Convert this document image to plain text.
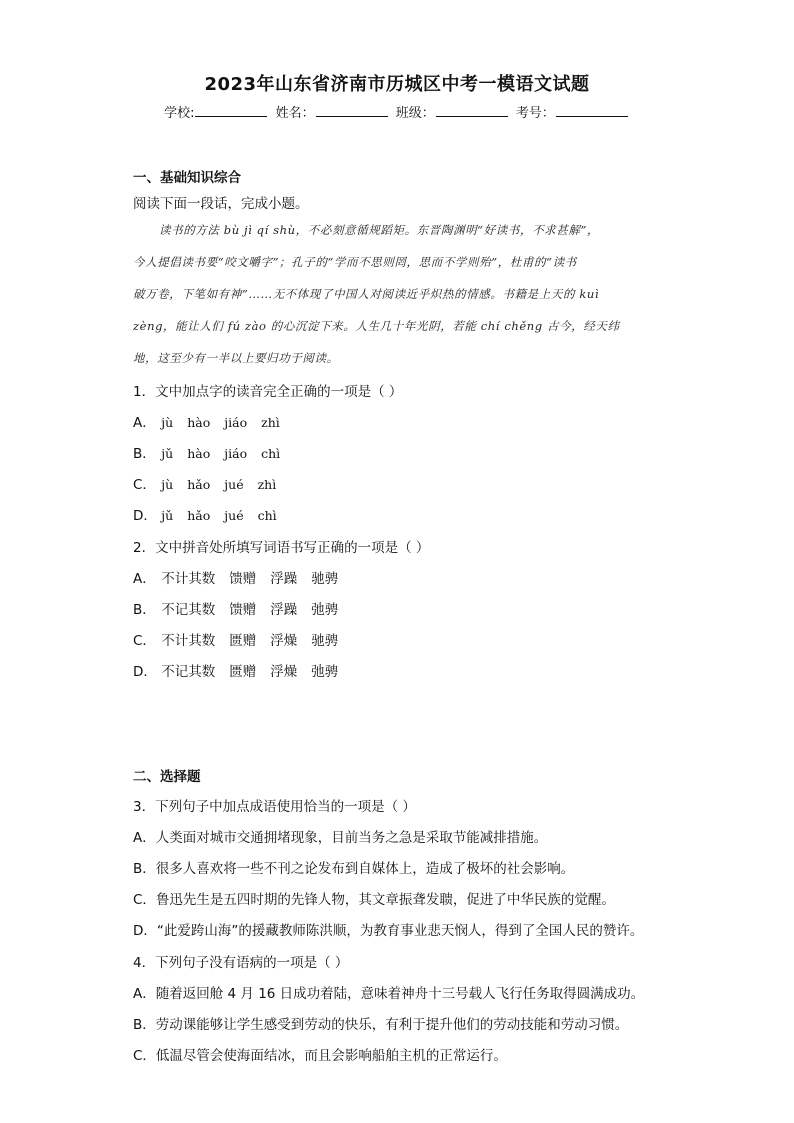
2023年山东省济南市历城区中考一模语文试题
学校:	姓名：	班级：	考号：
一、基础知识综合
阅读下面一段话，完成小题。
读书的方法 bù jì qí shù，不必刻意循规蹈矩。东晋陶渊明“好读书，不求甚解”，
今人提倡读书要“咬文嚼字”；孔子的“学而不思则罔，思而不学则殆”，杜甫的“读书
破万卷，下笔如有神”……无不体现了中国人对阅读近乎炽热的情感。书籍是上天的 kuì
zèng，能让人们 fú zào 的心沉淀下来。人生几十年光阴，若能 chí chěng 古今，经天纬
地，这至少有一半以上要归功于阅读。
1．文中加点字的读音完全正确的一项是（ ）
A． jù hào jiáo zhì
B． jǔ hào jiáo chì
C． jù hǎo jué zhì
D． jǔ hǎo jué chì
2．文中拼音处所填写词语书写正确的一项是（ ）
A． 不计其数 馈赠 浮躁 驰骋
B． 不记其数 馈赠 浮躁 弛骋
C． 不计其数 匮赠 浮燥 驰骋
D． 不记其数 匮赠 浮燥 弛骋
二、选择题
3．下列句子中加点成语使用恰当的一项是（ ）
A．人类面对城市交通拥堵现象，目前当务之急是采取节能减排措施。
B．很多人喜欢将一些不刊之论发布到自媒体上，造成了极坏的社会影响。
C．鲁迅先生是五四时期的先锋人物，其文章振聋发聩，促进了中华民族的觉醒。
D．“此爱跨山海”的援藏教师陈洪顺，为教育事业悲天悯人，得到了全国人民的赞许。
4．下列句子没有语病的一项是（ ）
A．随着返回舱 4 月 16 日成功着陆，意味着神舟十三号载人飞行任务取得圆满成功。
B．劳动课能够让学生感受到劳动的快乐，有利于提升他们的劳动技能和劳动习惯。
C．低温尽管会使海面结冰，而且会影响船舶主机的正常运行。
